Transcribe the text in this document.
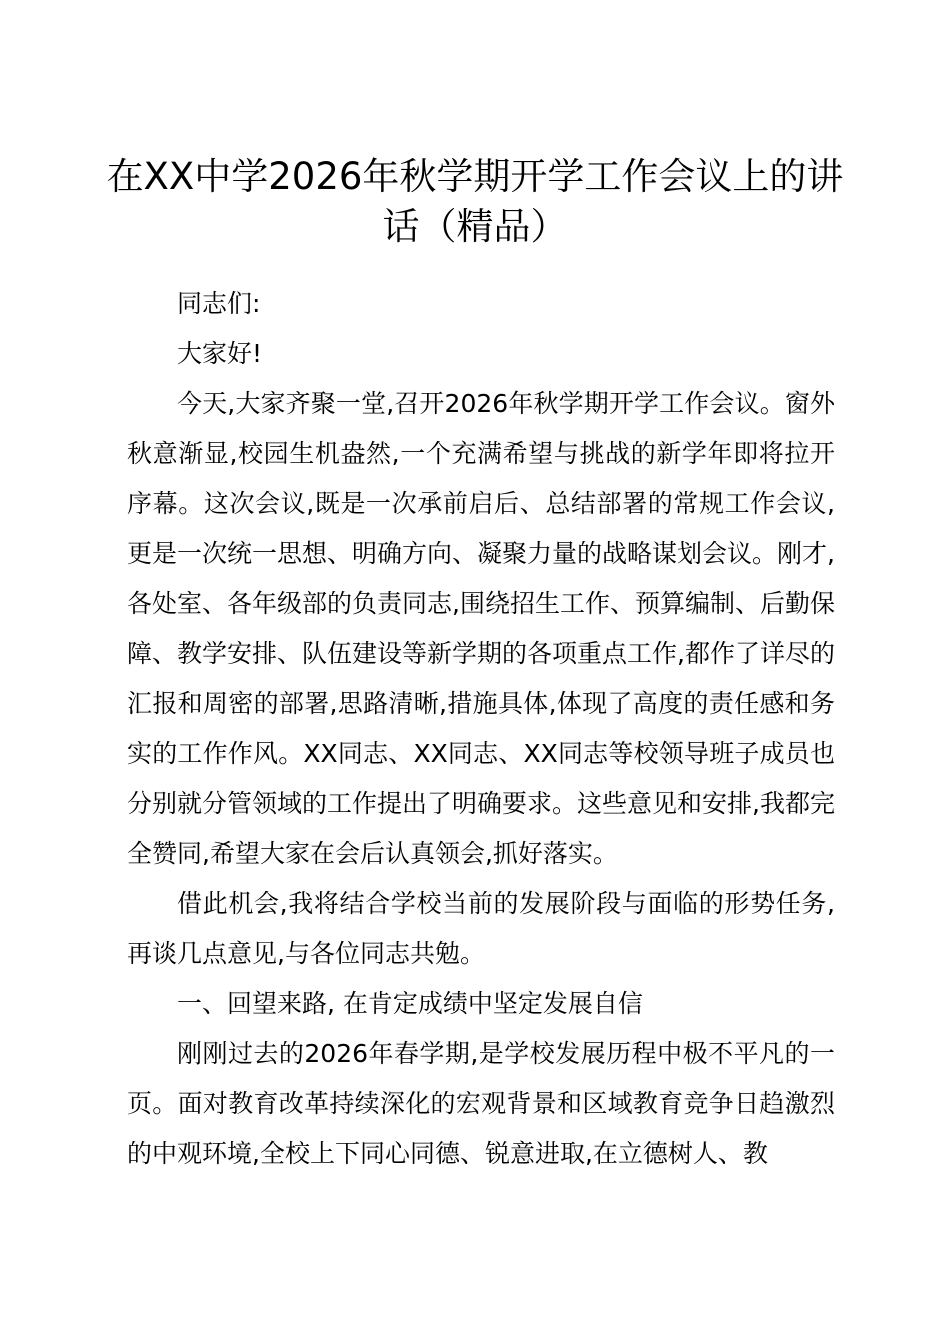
在XX中学2026年秋学期开学工作会议上的讲话（精品）

同志们:

大家好!

今天,大家齐聚一堂,召开2026年秋学期开学工作会议。窗外秋意渐显,校园生机盎然,一个充满希望与挑战的新学年即将拉开序幕。这次会议,既是一次承前启后、总结部署的常规工作会议,更是一次统一思想、明确方向、凝聚力量的战略谋划会议。刚才,各处室、各年级部的负责同志,围绕招生工作、预算编制、后勤保障、教学安排、队伍建设等新学期的各项重点工作,都作了详尽的汇报和周密的部署,思路清晰,措施具体,体现了高度的责任感和务实的工作作风。XX同志、XX同志、XX同志等校领导班子成员也分别就分管领域的工作提出了明确要求。这些意见和安排,我都完全赞同,希望大家在会后认真领会,抓好落实。

借此机会,我将结合学校当前的发展阶段与面临的形势任务,再谈几点意见,与各位同志共勉。

一、回望来路, 在肯定成绩中坚定发展自信

刚刚过去的2026年春学期,是学校发展历程中极不平凡的一页。面对教育改革持续深化的宏观背景和区域教育竞争日趋激烈的中观环境,全校上下同心同德、锐意进取,在立德树人、教
